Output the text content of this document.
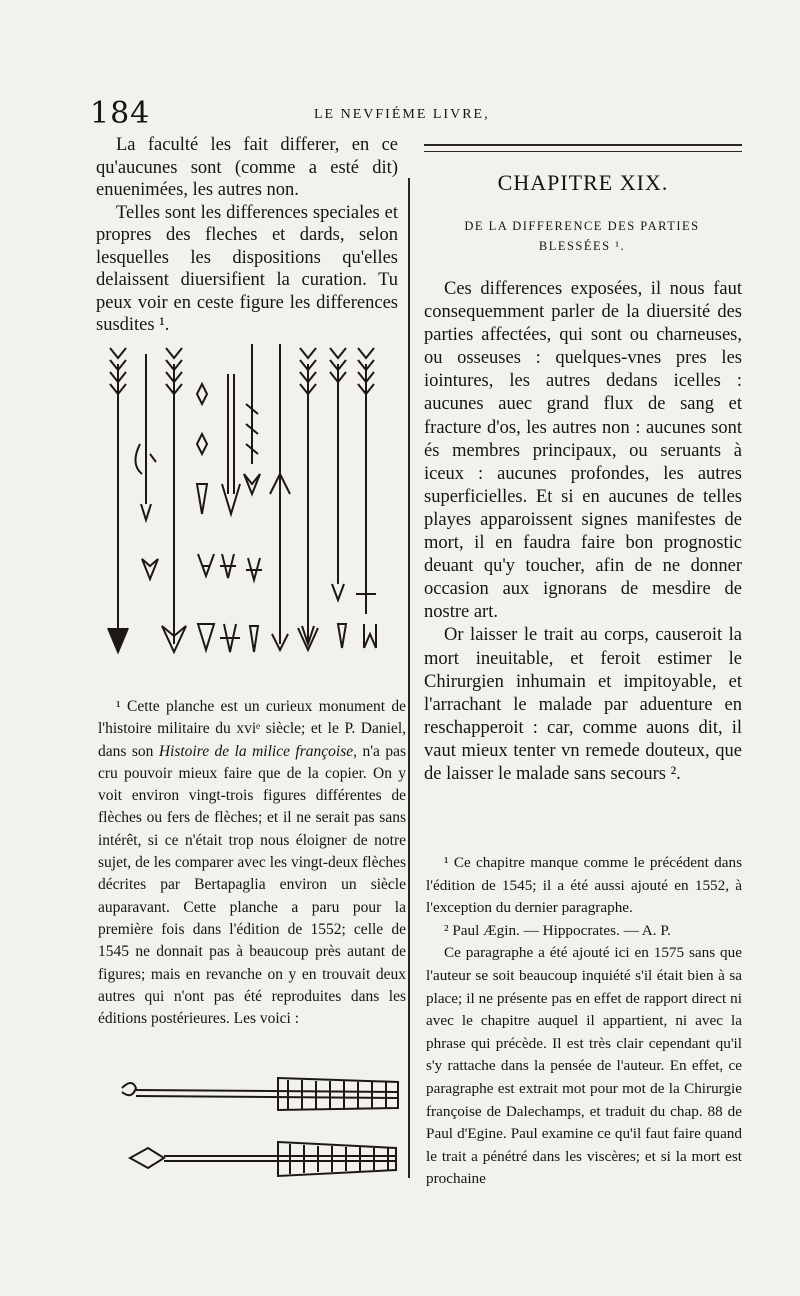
184	LE NEVFIÉME LIVRE,

La faculté les fait differer, en ce qu'aucunes sont (comme a esté dit) enuenimées, les autres non.

Telles sont les differences speciales et propres des fleches et dards, selon lesquelles les dispositions qu'elles delaissent diuersifient la curation. Tu peux voir en ceste figure les differences susdites ¹.

¹ Cette planche est un curieux monument de l'histoire militaire du xviᵉ siècle; et le P. Daniel, dans son Histoire de la milice françoise, n'a pas cru pouvoir mieux faire que de la copier. On y voit environ vingt-trois figures différentes de flèches ou fers de flèches; et il ne serait pas sans intérêt, si ce n'était trop nous éloigner de notre sujet, de les comparer avec les vingt-deux flèches décrites par Bertapaglia environ un siècle auparavant. Cette planche a paru pour la première fois dans l'édition de 1552; celle de 1545 ne donnait pas à beaucoup près autant de figures; mais en revanche on y en trouvait deux autres qui n'ont pas été reproduites dans les éditions postérieures. Les voici :

CHAPITRE XIX.
DE LA DIFFERENCE DES PARTIES BLESSÉES ¹.

Ces differences exposées, il nous faut consequemment parler de la diuersité des parties affectées, qui sont ou charneuses, ou osseuses : quelques-vnes pres les iointures, les autres dedans icelles : aucunes auec grand flux de sang et fracture d'os, les autres non : aucunes sont és membres principaux, ou seruants à iceux : aucunes profondes, les autres superficielles. Et si en aucunes de telles playes apparoissent signes manifestes de mort, il en faudra faire bon prognostic deuant qu'y toucher, afin de ne donner occasion aux ignorans de mesdire de nostre art.

Or laisser le trait au corps, causeroit la mort ineuitable, et feroit estimer le Chirurgien inhumain et impitoyable, et l'arrachant le malade par aduenture en reschapperoit : car, comme auons dit, il vaut mieux tenter vn remede douteux, que de laisser le malade sans secours ².

¹ Ce chapitre manque comme le précédent dans l'édition de 1545; il a été aussi ajouté en 1552, à l'exception du dernier paragraphe.

² Paul Ægin. — Hippocrates. — A. P.

Ce paragraphe a été ajouté ici en 1575 sans que l'auteur se soit beaucoup inquiété s'il était bien à sa place; il ne présente pas en effet de rapport direct ni avec le chapitre auquel il appartient, ni avec la phrase qui précède. Il est très clair cependant qu'il s'y rattache dans la pensée de l'auteur. En effet, ce paragraphe est extrait mot pour mot de la Chirurgie françoise de Dalechamps, et traduit du chap. 88 de Paul d'Egine. Paul examine ce qu'il faut faire quand le trait a pénétré dans les viscères; et si la mort est prochaine
